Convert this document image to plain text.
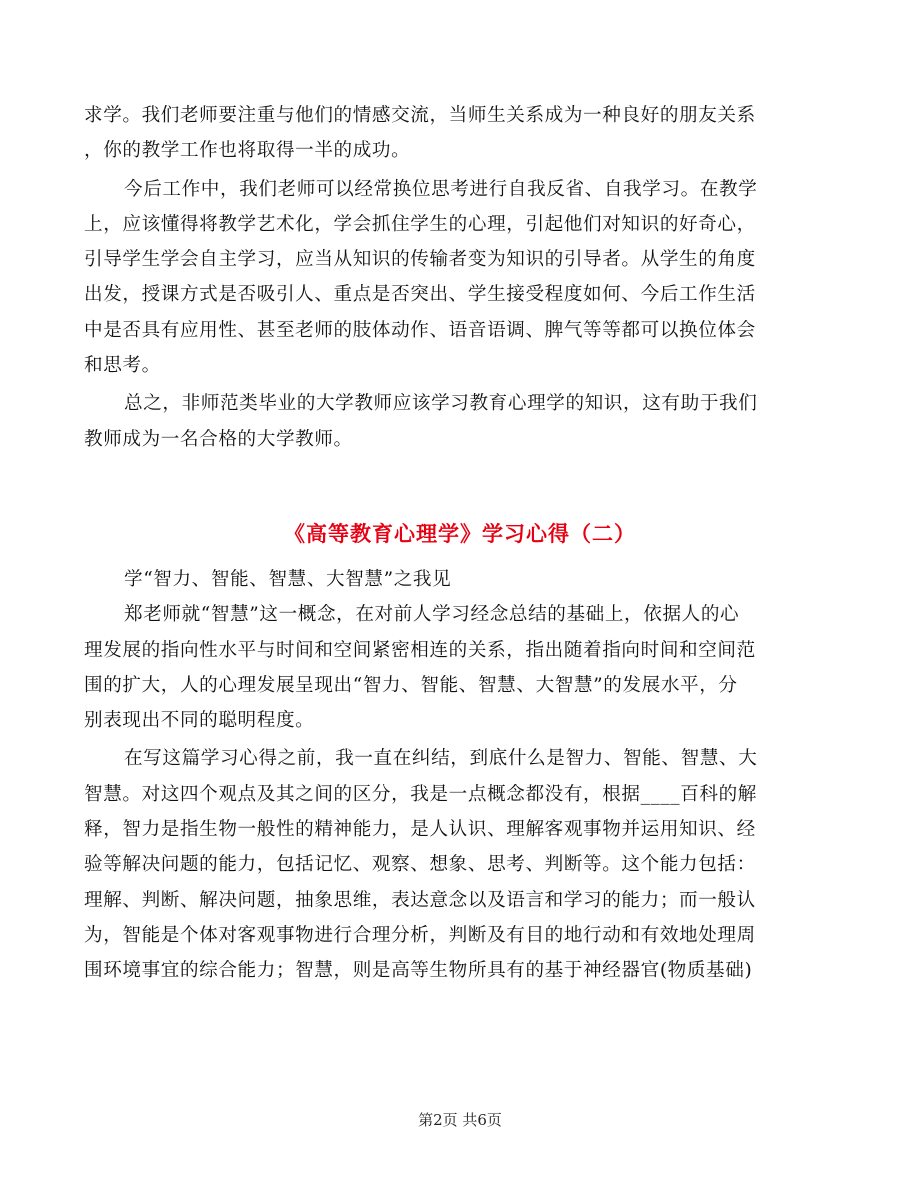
求学。我们老师要注重与他们的情感交流，当师生关系成为一种良好的朋友关系
，你的教学工作也将取得一半的成功。

今后工作中，我们老师可以经常换位思考进行自我反省、自我学习。在教学
上，应该懂得将教学艺术化，学会抓住学生的心理，引起他们对知识的好奇心，
引导学生学会自主学习，应当从知识的传输者变为知识的引导者。从学生的角度
出发，授课方式是否吸引人、重点是否突出、学生接受程度如何、今后工作生活
中是否具有应用性、甚至老师的肢体动作、语音语调、脾气等等都可以换位体会
和思考。

总之，非师范类毕业的大学教师应该学习教育心理学的知识，这有助于我们
教师成为一名合格的大学教师。

《高等教育心理学》学习心得（二）

学“智力、智能、智慧、大智慧”之我见

郑老师就“智慧”这一概念，在对前人学习经念总结的基础上，依据人的心
理发展的指向性水平与时间和空间紧密相连的关系，指出随着指向时间和空间范
围的扩大，人的心理发展呈现出“智力、智能、智慧、大智慧”的发展水平，分
别表现出不同的聪明程度。

在写这篇学习心得之前，我一直在纠结，到底什么是智力、智能、智慧、大
智慧。对这四个观点及其之间的区分，我是一点概念都没有，根据____百科的解
释，智力是指生物一般性的精神能力，是人认识、理解客观事物并运用知识、经
验等解决问题的能力，包括记忆、观察、想象、思考、判断等。这个能力包括：
理解、判断、解决问题，抽象思维，表达意念以及语言和学习的能力；而一般认
为，智能是个体对客观事物进行合理分析，判断及有目的地行动和有效地处理周
围环境事宜的综合能力；智慧，则是高等生物所具有的基于神经器官(物质基础)

第2页 共6页
